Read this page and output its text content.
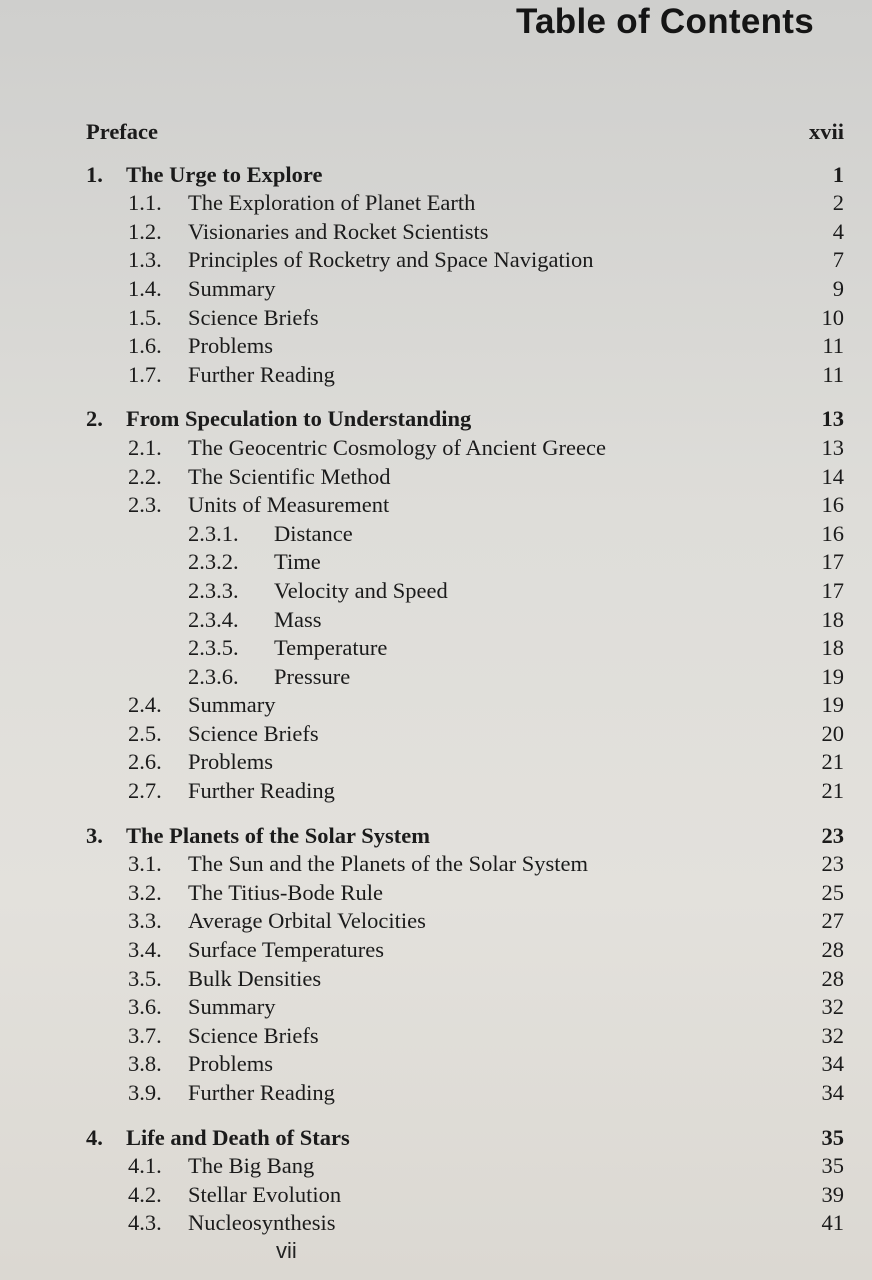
Table of Contents
Preface	xvii
1. The Urge to Explore	1
1.1. The Exploration of Planet Earth	2
1.2. Visionaries and Rocket Scientists	4
1.3. Principles of Rocketry and Space Navigation	7
1.4. Summary	9
1.5. Science Briefs	10
1.6. Problems	11
1.7. Further Reading	11
2. From Speculation to Understanding	13
2.1. The Geocentric Cosmology of Ancient Greece	13
2.2. The Scientific Method	14
2.3. Units of Measurement	16
2.3.1. Distance	16
2.3.2. Time	17
2.3.3. Velocity and Speed	17
2.3.4. Mass	18
2.3.5. Temperature	18
2.3.6. Pressure	19
2.4. Summary	19
2.5. Science Briefs	20
2.6. Problems	21
2.7. Further Reading	21
3. The Planets of the Solar System	23
3.1. The Sun and the Planets of the Solar System	23
3.2. The Titius-Bode Rule	25
3.3. Average Orbital Velocities	27
3.4. Surface Temperatures	28
3.5. Bulk Densities	28
3.6. Summary	32
3.7. Science Briefs	32
3.8. Problems	34
3.9. Further Reading	34
4. Life and Death of Stars	35
4.1. The Big Bang	35
4.2. Stellar Evolution	39
4.3. Nucleosynthesis	41
vii
